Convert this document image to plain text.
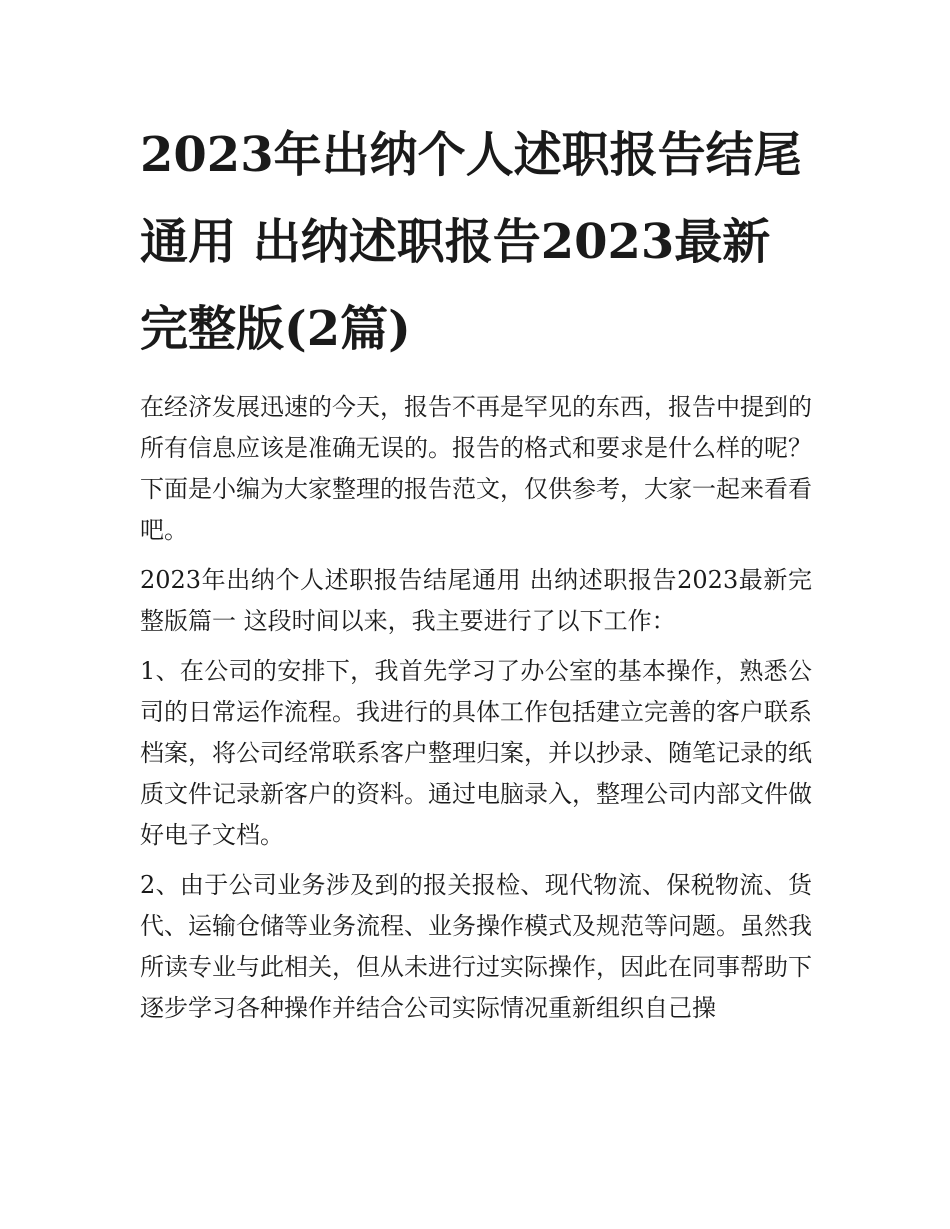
2023年出纳个人述职报告结尾通用 出纳述职报告2023最新完整版(2篇)

在经济发展迅速的今天，报告不再是罕见的东西，报告中提到的所有信息应该是准确无误的。报告的格式和要求是什么样的呢？下面是小编为大家整理的报告范文，仅供参考，大家一起来看看吧。

2023年出纳个人述职报告结尾通用 出纳述职报告2023最新完整版篇一 这段时间以来，我主要进行了以下工作：

1、在公司的安排下，我首先学习了办公室的基本操作，熟悉公司的日常运作流程。我进行的具体工作包括建立完善的客户联系档案，将公司经常联系客户整理归案，并以抄录、随笔记录的纸质文件记录新客户的资料。通过电脑录入，整理公司内部文件做好电子文档。

2、由于公司业务涉及到的报关报检、现代物流、保税物流、货代、运输仓储等业务流程、业务操作模式及规范等问题。虽然我所读专业与此相关，但从未进行过实际操作，因此在同事帮助下逐步学习各种操作并结合公司实际情况重新组织自己操
